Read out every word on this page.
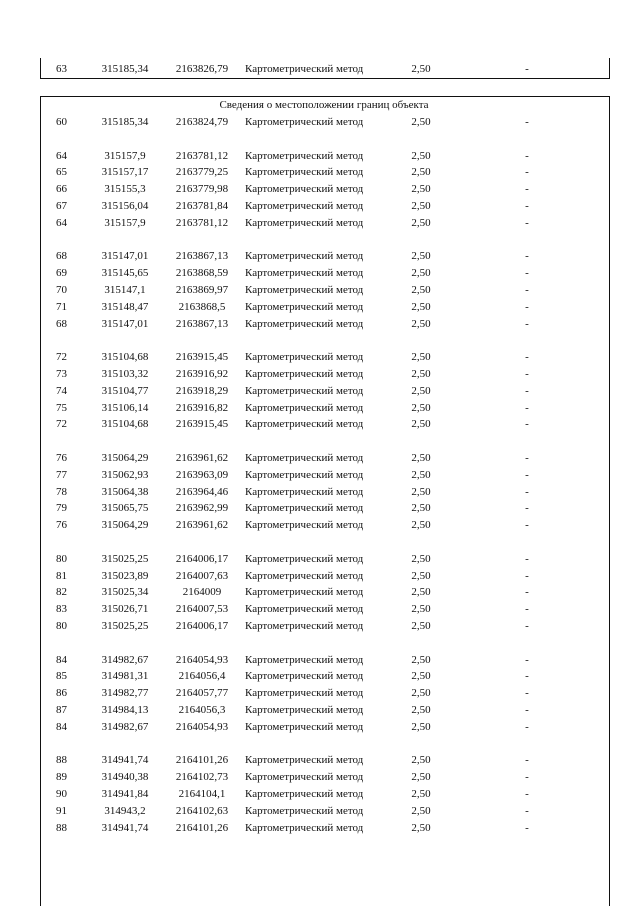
63	315185,34	2163826,79	Картометрический метод	2,50	-
Сведения о местоположении границ объекта
60	315185,34	2163824,79	Картометрический метод	2,50	-
64	315157,9	2163781,12	Картометрический метод	2,50	-
65	315157,17	2163779,25	Картометрический метод	2,50	-
66	315155,3	2163779,98	Картометрический метод	2,50	-
67	315156,04	2163781,84	Картометрический метод	2,50	-
64	315157,9	2163781,12	Картометрический метод	2,50	-
68	315147,01	2163867,13	Картометрический метод	2,50	-
69	315145,65	2163868,59	Картометрический метод	2,50	-
70	315147,1	2163869,97	Картометрический метод	2,50	-
71	315148,47	2163868,5	Картометрический метод	2,50	-
68	315147,01	2163867,13	Картометрический метод	2,50	-
72	315104,68	2163915,45	Картометрический метод	2,50	-
73	315103,32	2163916,92	Картометрический метод	2,50	-
74	315104,77	2163918,29	Картометрический метод	2,50	-
75	315106,14	2163916,82	Картометрический метод	2,50	-
72	315104,68	2163915,45	Картометрический метод	2,50	-
76	315064,29	2163961,62	Картометрический метод	2,50	-
77	315062,93	2163963,09	Картометрический метод	2,50	-
78	315064,38	2163964,46	Картометрический метод	2,50	-
79	315065,75	2163962,99	Картометрический метод	2,50	-
76	315064,29	2163961,62	Картометрический метод	2,50	-
80	315025,25	2164006,17	Картометрический метод	2,50	-
81	315023,89	2164007,63	Картометрический метод	2,50	-
82	315025,34	2164009	Картометрический метод	2,50	-
83	315026,71	2164007,53	Картометрический метод	2,50	-
80	315025,25	2164006,17	Картометрический метод	2,50	-
84	314982,67	2164054,93	Картометрический метод	2,50	-
85	314981,31	2164056,4	Картометрический метод	2,50	-
86	314982,77	2164057,77	Картометрический метод	2,50	-
87	314984,13	2164056,3	Картометрический метод	2,50	-
84	314982,67	2164054,93	Картометрический метод	2,50	-
88	314941,74	2164101,26	Картометрический метод	2,50	-
89	314940,38	2164102,73	Картометрический метод	2,50	-
90	314941,84	2164104,1	Картометрический метод	2,50	-
91	314943,2	2164102,63	Картометрический метод	2,50	-
88	314941,74	2164101,26	Картометрический метод	2,50	-
